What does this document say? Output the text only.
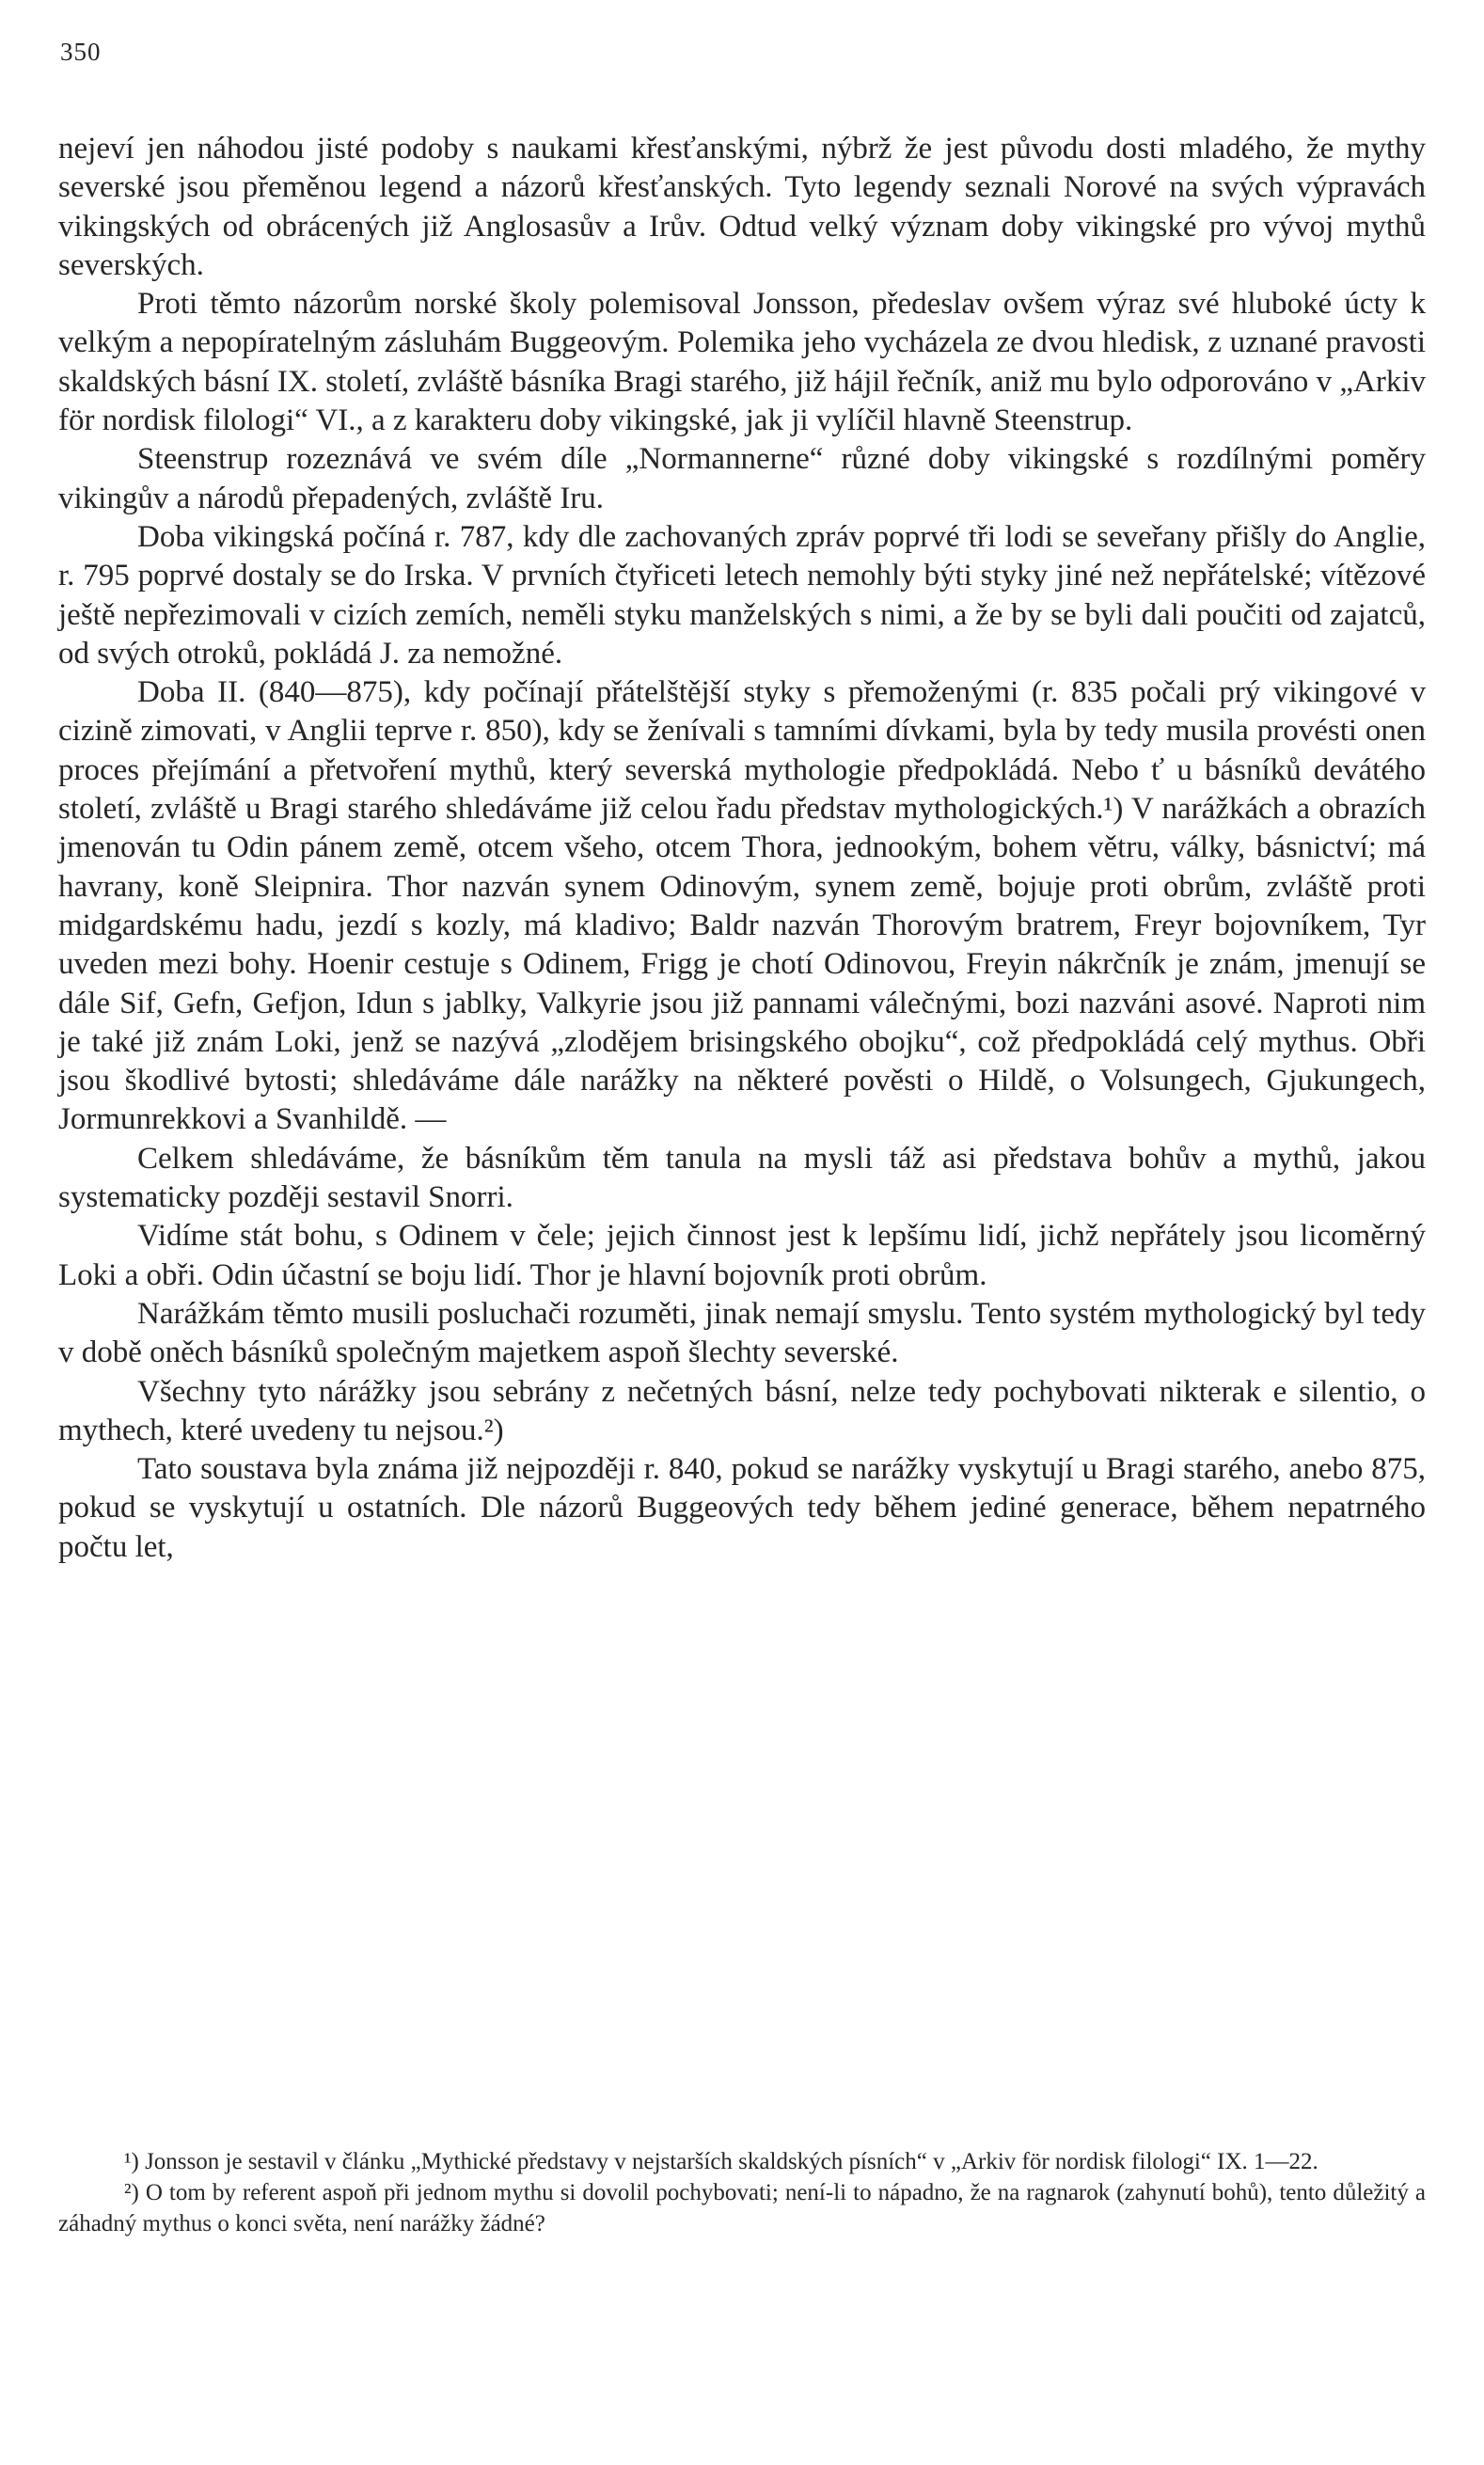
350

nejeví jen náhodou jisté podoby s naukami křesťanskými, nýbrž že jest původu dosti mladého, že mythy severské jsou přeměnou legend a názorů křesťanských. Tyto legendy seznali Norové na svých výpravách vikingských od obrácených již Anglosasův a Irův. Odtud velký význam doby vikingské pro vývoj mythů severských.

Proti těmto názorům norské školy polemisoval Jonsson, předeslav ovšem výraz své hluboké úcty k velkým a nepopíratelným zásluhám Buggeovým. Polemika jeho vycházela ze dvou hledisk, z uznané pravosti skaldských básní IX. století, zvláště básníka Bragi starého, již hájil řečník, aniž mu bylo odporováno v „Arkiv för nordisk filologi“ VI., a z karakteru doby vikingské, jak ji vylíčil hlavně Steenstrup.

Steenstrup rozeznává ve svém díle „Normannerne“ různé doby vikingské s rozdílnými poměry vikingův a národů přepadených, zvláště Iru.

Doba vikingská počíná r. 787, kdy dle zachovaných zpráv poprvé tři lodi se seveřany přišly do Anglie, r. 795 poprvé dostaly se do Irska. V prvních čtyřiceti letech nemohly býti styky jiné než nepřátelské; vítězové ještě nepřezimovali v cizích zemích, neměli styku manželských s nimi, a že by se byli dali poučiti od zajatců, od svých otroků, pokládá J. za nemožné.

Doba II. (840—875), kdy počínají přátelštější styky s přemoženými (r. 835 počali prý vikingové v cizině zimovati, v Anglii teprve r. 850), kdy se ženívali s tamními dívkami, byla by tedy musila provésti onen proces přejímání a přetvoření mythů, který severská mythologie předpokládá. Nebo ť u básníků devátého století, zvláště u Bragi starého shledáváme již celou řadu představ mythologických.¹) V narážkách a obrazích jmenován tu Odin pánem země, otcem všeho, otcem Thora, jednookým, bohem větru, války, básnictví; má havrany, koně Sleipnira. Thor nazván synem Odinovým, synem země, bojuje proti obrům, zvláště proti midgardskému hadu, jezdí s kozly, má kladivo; Baldr nazván Thorovým bratrem, Freyr bojovníkem, Tyr uveden mezi bohy. Hoenir cestuje s Odinem, Frigg je chotí Odinovou, Freyin nákrčník je znám, jmenují se dále Sif, Gefn, Gefjon, Idun s jablky, Valkyrie jsou již pannami válečnými, bozi nazváni asové. Naproti nim je také již znám Loki, jenž se nazývá „zlodějem brisingského obojku“, což předpokládá celý mythus. Obři jsou škodlivé bytosti; shledáváme dále narážky na některé pověsti o Hildě, o Volsungech, Gjukungech, Jormunrekkovi a Svanhildě. —

Celkem shledáváme, že básníkům těm tanula na mysli táž asi představa bohův a mythů, jakou systematicky později sestavil Snorri.

Vidíme stát bohu, s Odinem v čele; jejich činnost jest k lepšímu lidí, jichž nepřátely jsou licoměrný Loki a obři. Odin účastní se boju lidí. Thor je hlavní bojovník proti obrům.

Narážkám těmto musili posluchači rozuměti, jinak nemají smyslu. Tento systém mythologický byl tedy v době oněch básníků společným majetkem aspoň šlechty severské.

Všechny tyto nárážky jsou sebrány z nečetných básní, nelze tedy pochybovati nikterak e silentio, o mythech, které uvedeny tu nejsou.²)

Tato soustava byla známa již nejpozději r. 840, pokud se narážky vyskytují u Bragi starého, anebo 875, pokud se vyskytují u ostatních. Dle názorů Buggeových tedy během jediné generace, během nepatrného počtu let,

¹) Jonsson je sestavil v článku „Mythické představy v nejstarších skaldských písních“ v „Arkiv för nordisk filologi“ IX. 1—22.

²) O tom by referent aspoň při jednom mythu si dovolil pochybovati; není-li to nápadno, že na ragnarok (zahynutí bohů), tento důležitý a záhadný mythus o konci světa, není narážky žádné?
